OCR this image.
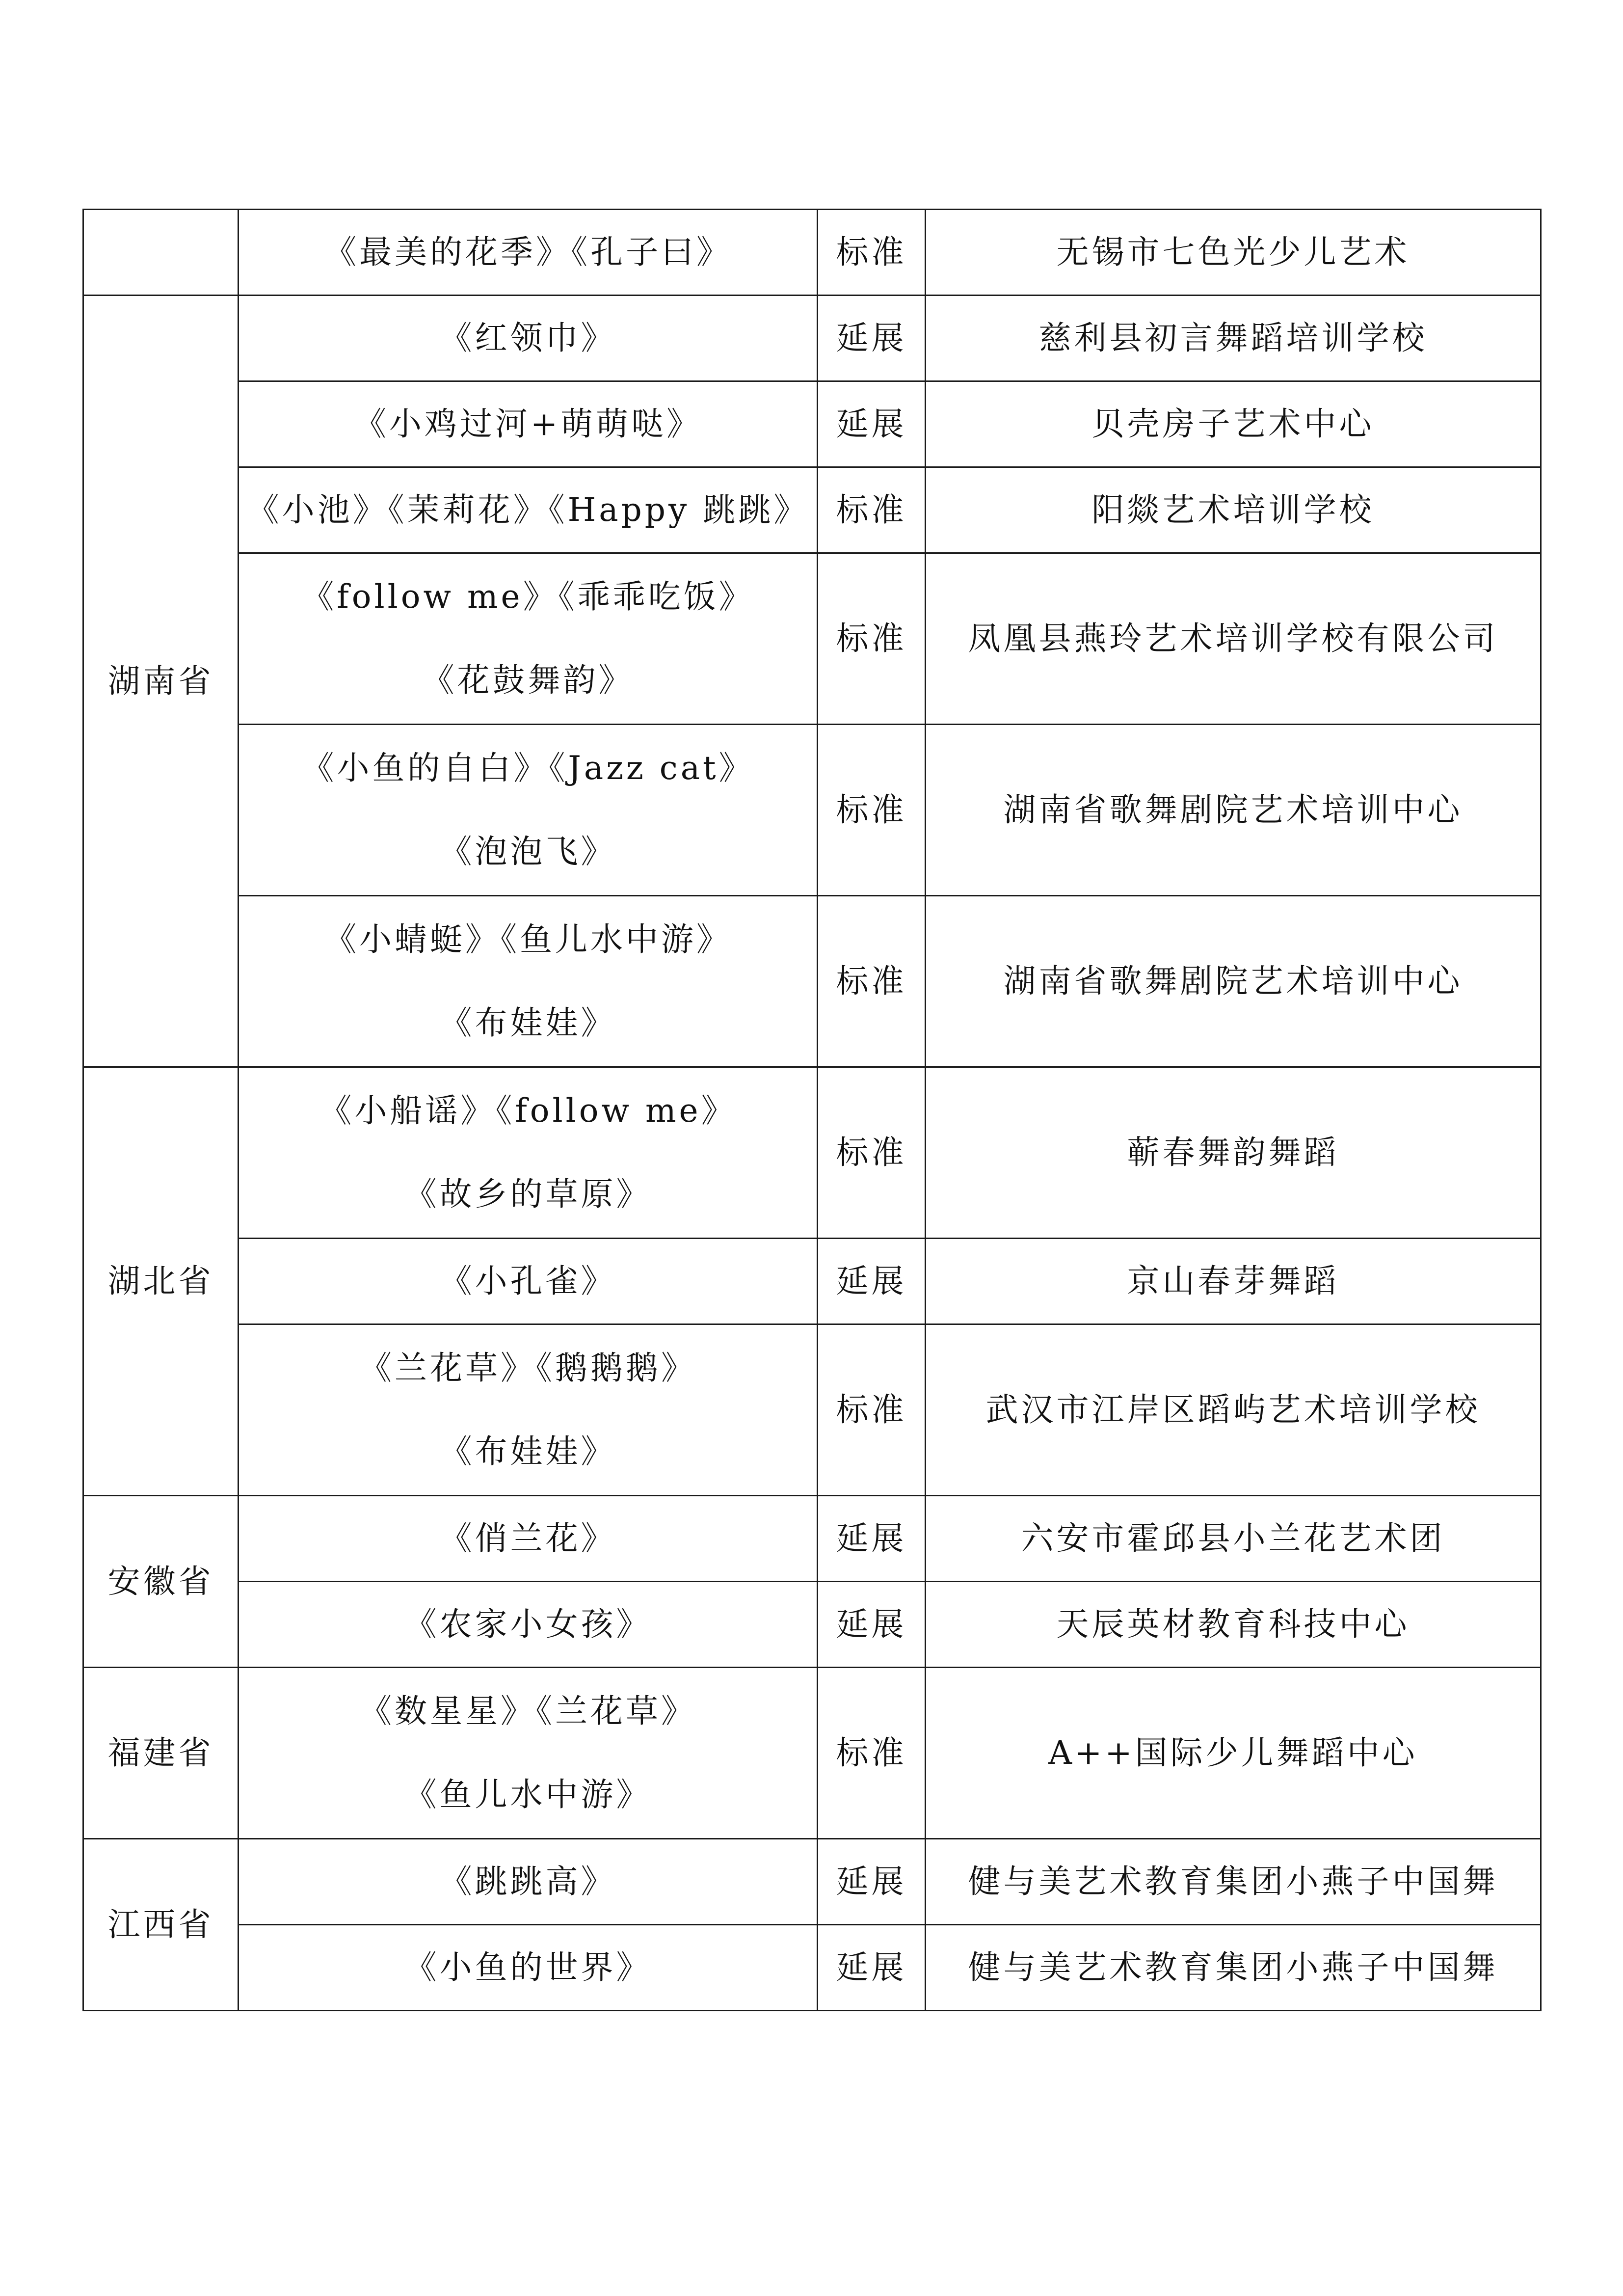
	《最美的花季》《孔子曰》	标准	无锡市七色光少儿艺术
湖南省	《红领巾》	延展	慈利县初言舞蹈培训学校

	《小鸡过河+萌萌哒》	延展	贝壳房子艺术中心

	《小池》《茉莉花》《Happy 跳跳》	标准	阳燚艺术培训学校

	《follow me》《乖乖吃饭》
《花鼓舞韵》	标准	凤凰县燕玲艺术培训学校有限公司

	《小鱼的自白》《Jazz cat》
《泡泡飞》	标准	湖南省歌舞剧院艺术培训中心

	《小蜻蜓》《鱼儿水中游》
《布娃娃》	标准	湖南省歌舞剧院艺术培训中心
湖北省	《小船谣》《follow me》
《故乡的草原》	标准	蕲春舞韵舞蹈

	《小孔雀》	延展	京山春芽舞蹈

	《兰花草》《鹅鹅鹅》
《布娃娃》	标准	武汉市江岸区蹈屿艺术培训学校
安徽省	《俏兰花》	延展	六安市霍邱县小兰花艺术团

	《农家小女孩》	延展	天辰英材教育科技中心
福建省	《数星星》《兰花草》
《鱼儿水中游》	标准	A++国际少儿舞蹈中心
江西省	《跳跳高》	延展	健与美艺术教育集团小燕子中国舞

	《小鱼的世界》	延展	健与美艺术教育集团小燕子中国舞
